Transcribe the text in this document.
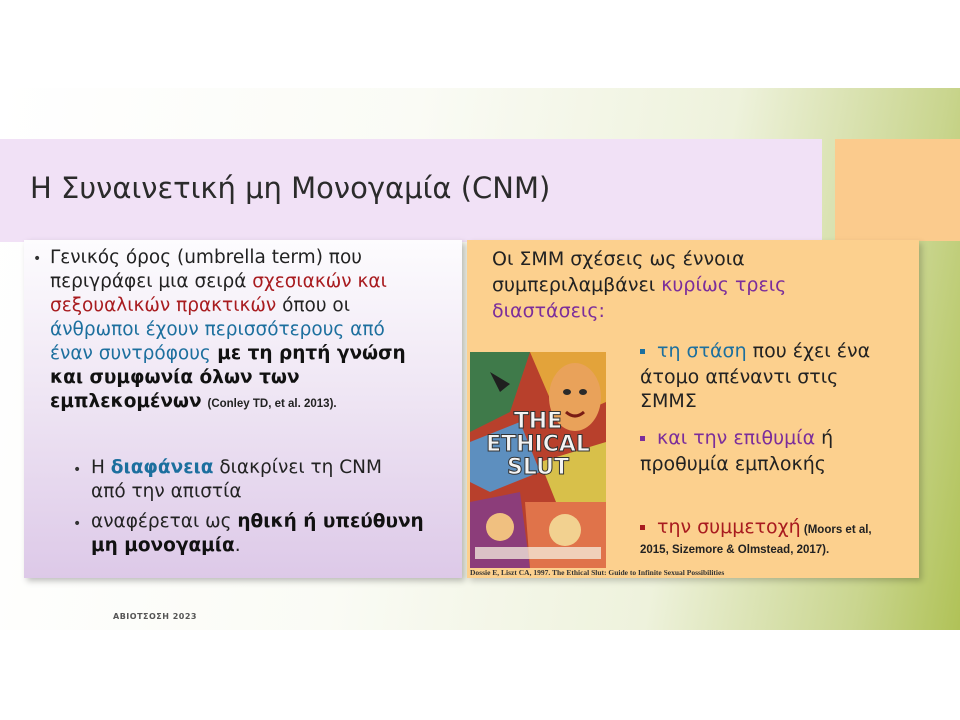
Η Συναινετική μη Μονογαμία (CNM)
• Γενικός όρος (umbrella term) που
περιγράφει μια σειρά σχεσιακών και
σεξουαλικών πρακτικών όπου οι
άνθρωποι έχουν περισσότερους από
έναν συντρόφους με τη ρητή γνώση
και συμφωνία όλων των
εμπλεκομένων (Conley TD, et al. 2013).
• Η διαφάνεια διακρίνει τη CNM
από την απιστία
• αναφέρεται ως ηθική ή υπεύθυνη
μη μονογαμία.
Οι ΣΜΜ σχέσεις ως έννοια
συμπεριλαμβάνει κυρίως τρεις
διαστάσεις:
τη στάση που έχει ένα
άτομο απέναντι στις
ΣΜΜΣ
και την επιθυμία ή
προθυμία εμπλοκής
την συμμετοχή (Moors et al,
2015, Sizemore & Olmstead, 2017).
THE
ETHICAL
SLUT
Dossie E, Liszt CA, 1997. The Ethical Slut: Guide to Infinite Sexual Possibilities
ΑΒΙΟΤΣΟΣΗ 2023
